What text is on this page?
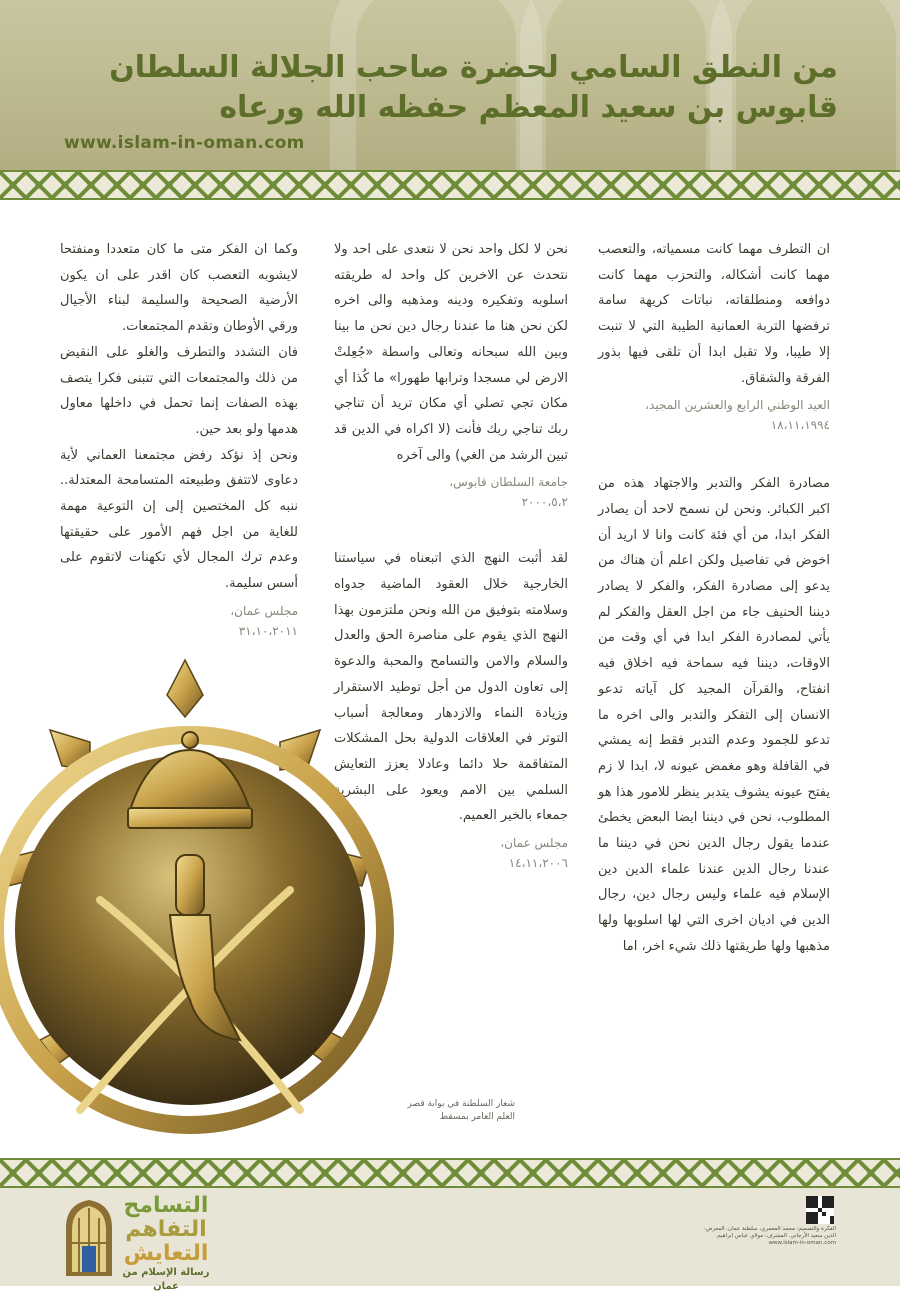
من النطق السامي لحضرة صاحب الجلالة السلطان
قابوس بن سعيد المعظم حفظه الله ورعاه
www.islam-in-oman.com

ان التطرف مهما كانت مسمياته، والتعصب مهما كانت أشكاله، والتحزب مهما كانت دوافعه ومنطلقاته، نباتات كريهة سامة ترفضها التربة العمانية الطيبة التي لا تنبت إلا طيبا، ولا تقبل ابدا أن تلقى فيها بذور الفرقة والشقاق.

العيد الوطني الرابع والعشرين المجيد،
١٨،١١،١٩٩٤

مصادرة الفكر والتدبر والاجتهاد هذه من اكبر الكبائر. ونحن لن نسمح لاحد أن يصادر الفكر ابدا، من أي فئة كانت وانا لا اريد أن اخوض في تفاصيل ولكن اعلم أن هناك من يدعو إلى مصادرة الفكر، والفكر لا يصادر ديننا الحنيف جاء من اجل العقل والفكر لم يأتي لمصادرة الفكر ابدا في أي وقت من الاوقات، ديننا فيه سماحة فيه اخلاق فيه انفتاح، والقرآن المجيد كل آياته تدعو الانسان إلى التفكر والتدبر والى اخره ما تدعو للجمود وعدم التدبر فقط إنه يمشي في القافلة وهو مغمض عيونه لا، ابدا لا زم يفتح عيونه يشوف يتدبر ينظر للامور هذا هو المطلوب، نحن في ديننا ايضا البعض يخطئ عندما يقول رجال الدين نحن في ديننا ما عندنا رجال الدين عندنا علماء الدين دين الإسلام فيه علماء وليس رجال دين، رجال الدين في اديان اخرى التي لها اسلوبها ولها مذهبها ولها طريقتها ذلك شيء اخر، اما

نحن لا لكل واحد نحن لا نتعدى على احد ولا نتحدث عن الاخرين كل واحد له طريقته اسلوبه وتفكيره ودينه ومذهبه والى اخره لكن نحن هنا ما عندنا رجال دين نحن ما بينا وبين الله سبحانه وتعالى واسطة «جُعِلتْ الارض لي مسجدا وترابها طهورا» ما كُذا أي مكان تجي تصلي أي مكان تريد أن تناجي ربك تناجي ربك فأنت (لا اكراه في الدين قد تبين الرشد من الغي) والى آخره

جامعة السلطان قابوس،
٢٠٠٠،٥،٢

لقد أثبت النهج الذي اتبعناه في سياستنا الخارجية خلال العقود الماضية جدواه وسلامته بتوفيق من الله ونحن ملتزمون بهذا النهج الذي يقوم على مناصرة الحق والعدل والسلام والامن والتسامح والمحبة والدعوة إلى تعاون الدول من أجل توطيد الاستقرار وزيادة النماء والازدهار ومعالجة أسباب التوتر في العلاقات الدولية بحل المشكلات المتفاقمة حلا دائما وعادلا يعزز التعايش السلمي بين الامم ويعود على البشرية جمعاء بالخير العميم.

مجلس عمان،
١٤،١١،٢٠٠٦

وكما ان الفكر متى ما كان متعددا ومنفتحا لايشوبه التعصب كان اقدر على ان يكون الأرضية الصحيحة والسليمة لبناء الأجيال ورقي الأوطان وتقدم المجتمعات.

فان التشدد والتطرف والغلو على النقيض من ذلك والمجتمعات التي تتبنى فكرا يتصف بهذه الصفات إنما تحمل في داخلها معاول هدمها ولو بعد حين.

ونحن إذ نؤكد رفض مجتمعنا العماني لأية دعاوى لاتتفق وطبيعته المتسامحة المعتدلة.. ننبه كل المختصين إلى إن التوعية مهمة للغاية من اجل فهم الأمور على حقيقتها وعدم ترك المجال لأي تكهنات لاتقوم على أسس سليمة.

مجلس عمان،
٣١،١٠،٢٠١١
شعار السلطنة في بوابة قصر العلم العامر بمسقط
التسامح
التفاهم
التعايش
رسالة الإسلام من عمان
الفكرة والتصميم: محمد المعمري، سلطنة عمان. المعرض: الدين سعيد الأرجاني. المشرف: مولاي عباس ابراهيم. www.islam-in-oman.com
